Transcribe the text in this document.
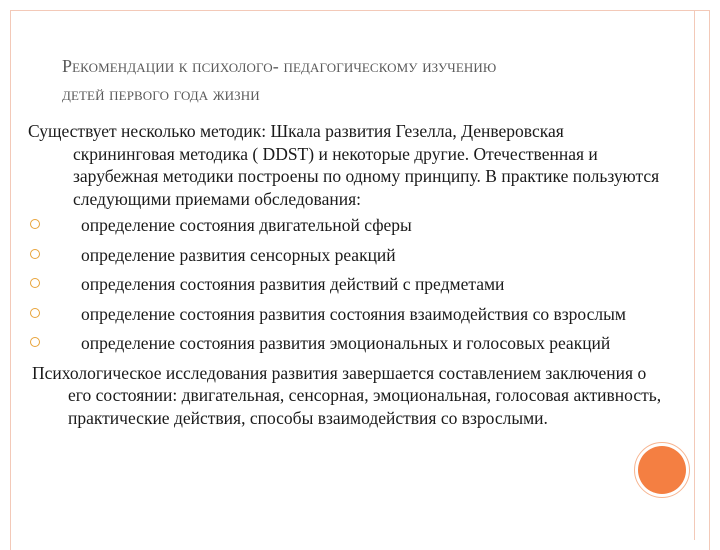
Рекомендации к психолого- педагогическому изучению
детей первого года жизни

Существует несколько методик: Шкала развития Гезелла, Денверовская скрининговая методика ( DDST) и некоторые другие. Отечественная и зарубежная методики построены по одному принципу. В практике пользуются следующими приемами обследования:

определение состояния двигательной сферы
определение развития сенсорных реакций
определения состояния развития действий с предметами
определение состояния развития состояния взаимодействия со взрослым
определение состояния развития эмоциональных и голосовых реакций

Психологическое исследования развития завершается составлением заключения о его состоянии: двигательная, сенсорная, эмоциональная, голосовая активность, практические действия, способы взаимодействия со взрослыми.
